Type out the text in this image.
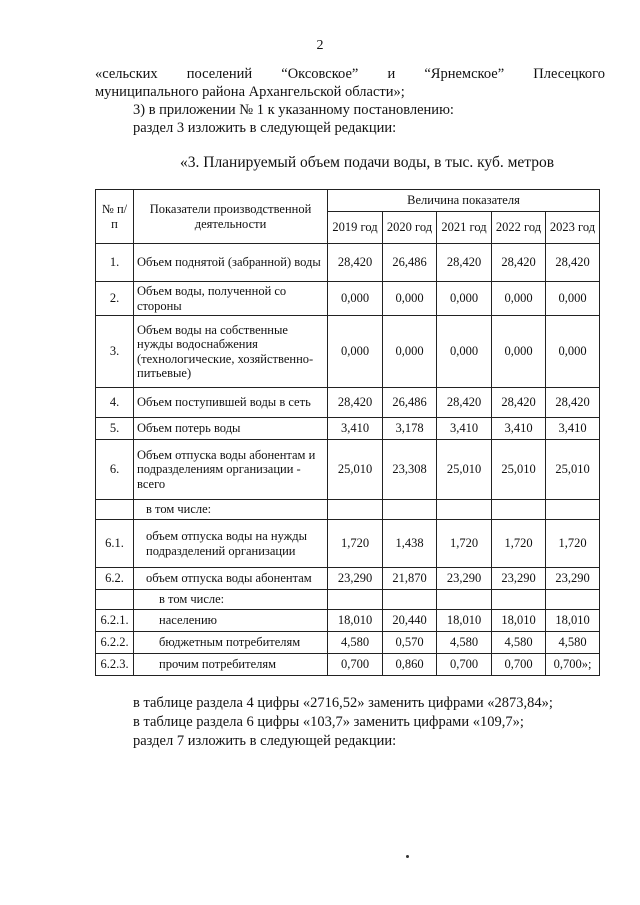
2
«сельских поселений “Оксовское” и “Ярнемское” Плесецкого
муниципального района Архангельской области»;
3) в приложении № 1 к указанному постановлению:
раздел 3 изложить в следующей редакции:
«3. Планируемый объем подачи воды, в тыс. куб. метров
№ п/п	Показатели производственной деятельности	Величина показателя				
		2019 год	2020 год	2021 год	2022 год	2023 год
1.	Объем поднятой (забранной) воды	28,420	26,486	28,420	28,420	28,420
2.	Объем воды, полученной со стороны	0,000	0,000	0,000	0,000	0,000
3.	Объем воды на собственные нужды водоснабжения (технологические, хозяйственно-питьевые)	0,000	0,000	0,000	0,000	0,000
4.	Объем поступившей воды в сеть	28,420	26,486	28,420	28,420	28,420
5.	Объем потерь воды	3,410	3,178	3,410	3,410	3,410
6.	Объем отпуска воды абонентам и подразделениям организации - всего	25,010	23,308	25,010	25,010	25,010
	в том числе:					
6.1.	объем отпуска воды на нужды подразделений организации	1,720	1,438	1,720	1,720	1,720
6.2.	объем отпуска воды абонентам	23,290	21,870	23,290	23,290	23,290
	в том числе:					
6.2.1.	населению	18,010	20,440	18,010	18,010	18,010
6.2.2.	бюджетным потребителям	4,580	0,570	4,580	4,580	4,580
6.2.3.	прочим потребителям	0,700	0,860	0,700	0,700	0,700»;
в таблице раздела 4 цифры «2716,52» заменить цифрами «2873,84»;
в таблице раздела 6 цифры «103,7» заменить цифрами «109,7»;
раздел 7 изложить в следующей редакции:
